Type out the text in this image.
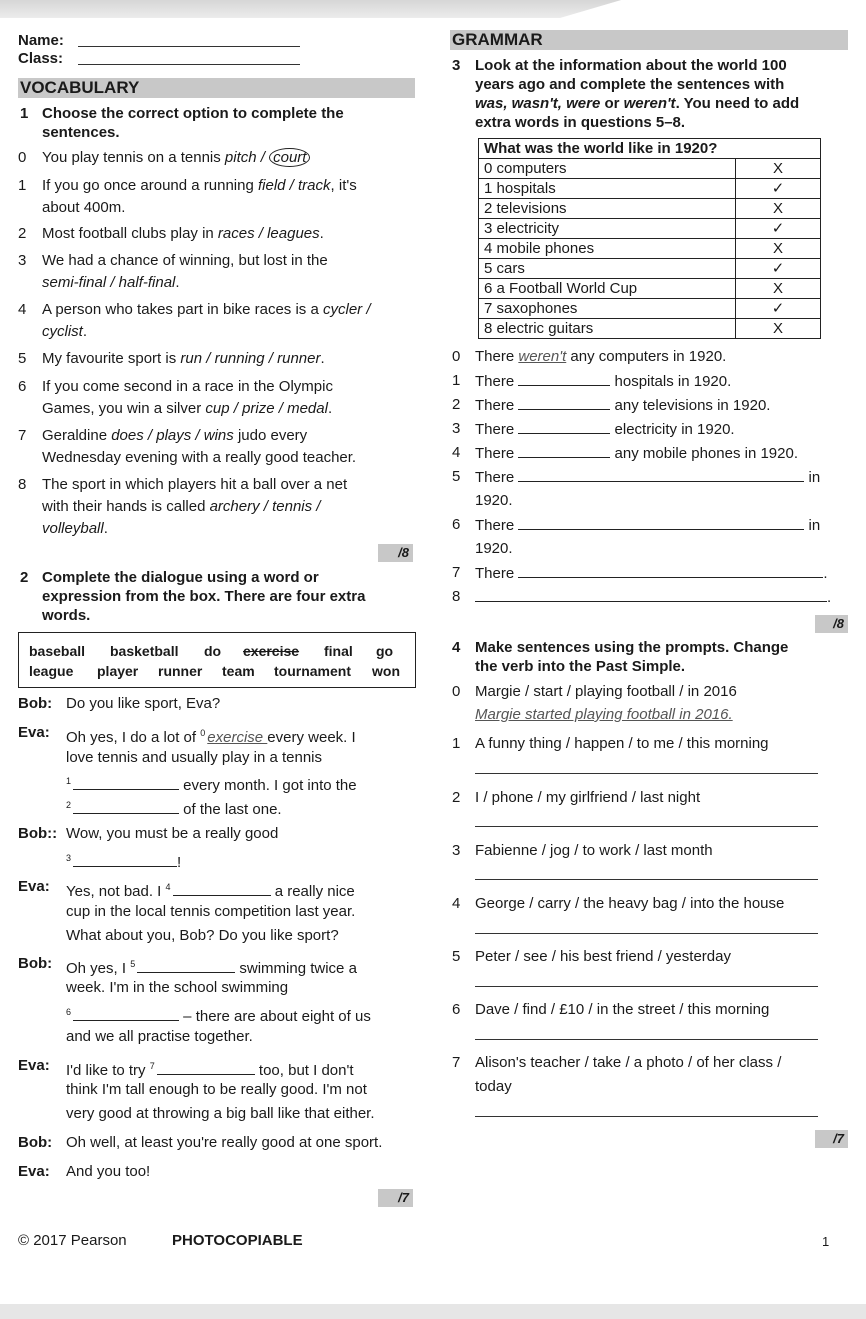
Name:
Class:
VOCABULARY
1 Choose the correct option to complete the
sentences.
0 You play tennis on a tennis pitch / court
1 If you go once around a running field / track, it's
about 400m.
2 Most football clubs play in races / leagues.
3 We had a chance of winning, but lost in the
semi-final / half-final.
4 A person who takes part in bike races is a cycler /
cyclist.
5 My favourite sport is run / running / runner.
6 If you come second in a race in the Olympic
Games, you win a silver cup / prize / medal.
7 Geraldine does / plays / wins judo every
Wednesday evening with a really good teacher.
8 The sport in which players hit a ball over a net
with their hands is called archery / tennis /
volleyball.
/8
2 Complete the dialogue using a word or
expression from the box. There are four extra
words.
baseball basketball do exercise final go
league player runner team tournament won
Bob: Do you like sport, Eva?
Eva: Oh yes, I do a lot of $^0$ exercise every week. I
love tennis and usually play in a tennis
$^1$	every month. I got into the
$^2$	of the last one.
Bob:: Wow, you must be a really good
$^3$	!
Eva: Yes, not bad. I $^4$	a really nice
cup in the local tennis competition last year.
What about you, Bob? Do you like sport?
Bob: Oh yes, I $^5$	swimming twice a
week. I'm in the school swimming
$^6$	– there are about eight of us
and we all practise together.
Eva: I'd like to try $^7$	too, but I don't
think I'm tall enough to be really good. I'm not
very good at throwing a big ball like that either.
Bob: Oh well, at least you're really good at one sport.
Eva: And you too!
/7
GRAMMAR
3 Look at the information about the world 100
years ago and complete the sentences with
was, wasn't, were or weren't. You need to add
extra words in questions 5–8.
What was the world like in 1920?	
0 computers	X
1 hospitals	✓
2 televisions	X
3 electricity	✓
4 mobile phones	X
5 cars	✓
6 a Football World Cup	X
7 saxophones	✓
8 electric guitars	X
0 There weren't any computers in 1920.
1 There	hospitals in 1920.
2 There	any televisions in 1920.
3 There	electricity in 1920.
4 There	any mobile phones in 1920.
5 There	in
1920.
6 There	in
1920.
7 There	.
8	.
/8
4 Make sentences using the prompts. Change
the verb into the Past Simple.
0 Margie / start / playing football / in 2016
Margie started playing football in 2016.
1 A funny thing / happen / to me / this morning
2 I / phone / my girlfriend / last night
3 Fabienne / jog / to work / last month
4 George / carry / the heavy bag / into the house
5 Peter / see / his best friend / yesterday
6 Dave / find / £10 / in the street / this morning
7 Alison's teacher / take / a photo / of her class /
today
/7
© 2017 Pearson	PHOTOCOPIABLE	1
